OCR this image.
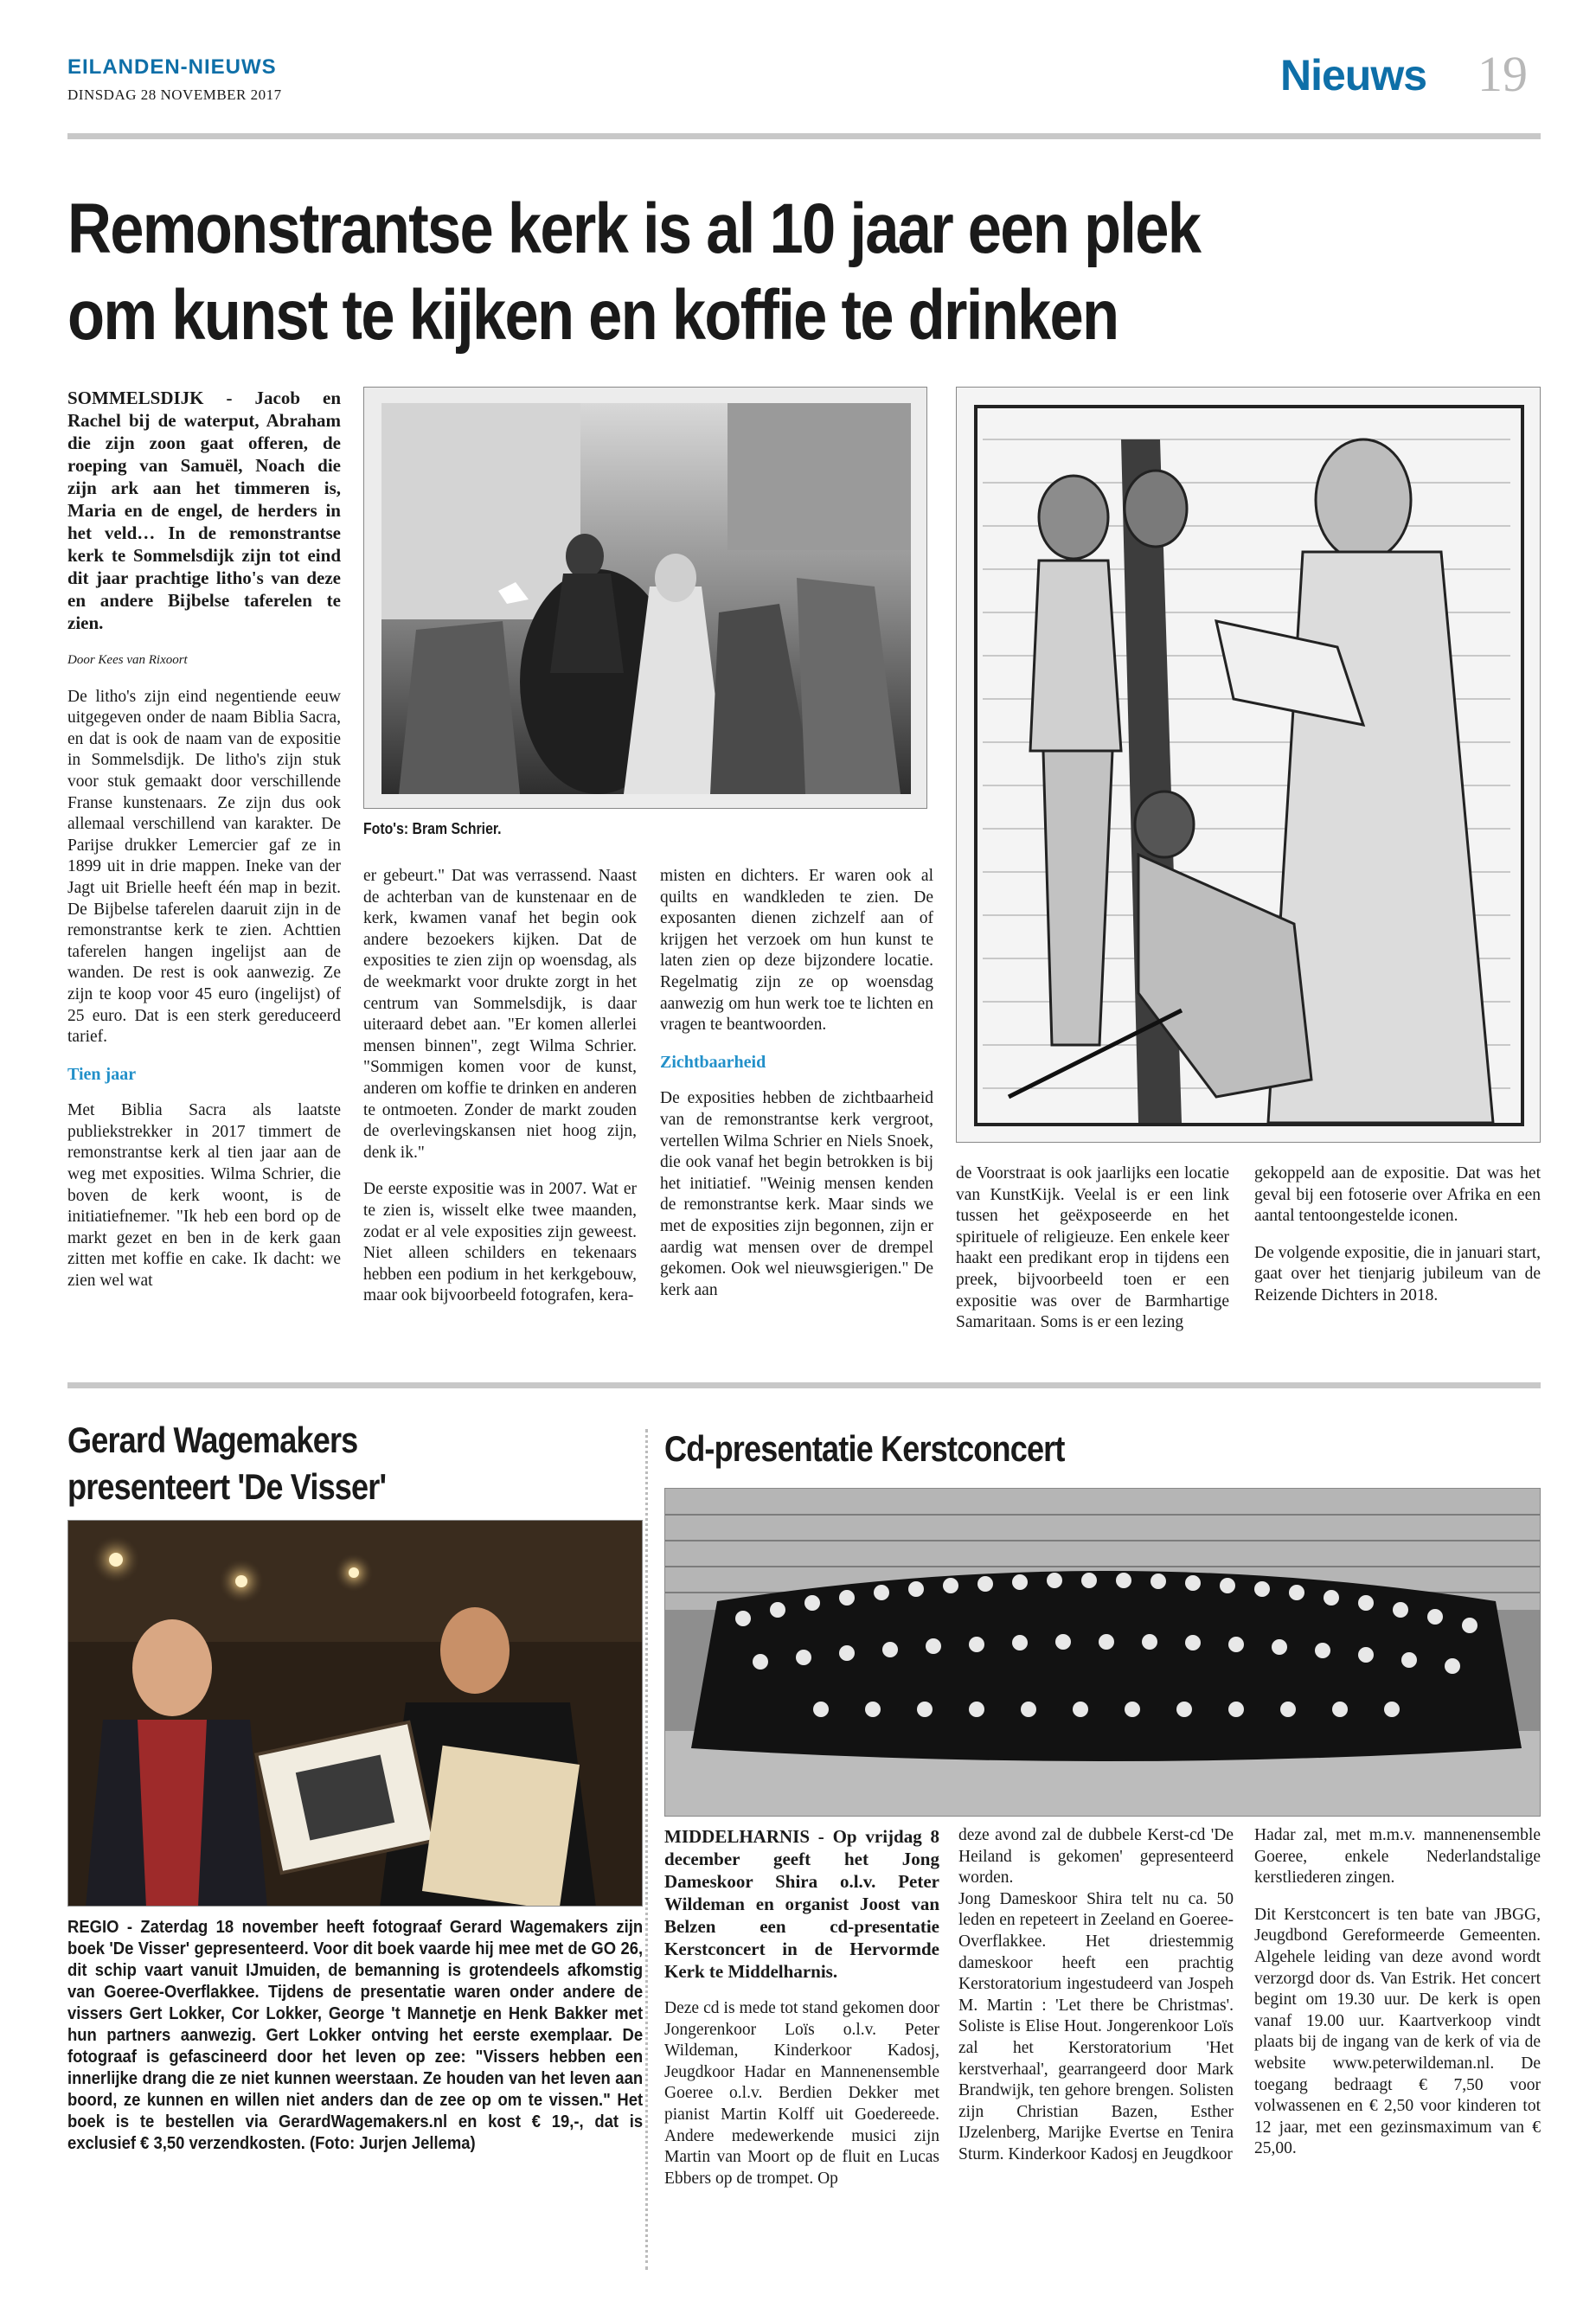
EILANDEN-NIEUWS
DINSDAG 28 NOVEMBER 2017	Nieuws 19
Remonstrantse kerk is al 10 jaar een plek
om kunst te kijken en koffie te drinken

SOMMELSDIJK - Jacob en Rachel bij de waterput, Abraham die zijn zoon gaat offeren, de roeping van Samuël, Noach die zijn ark aan het timmeren is, Maria en de engel, de herders in het veld… In de remonstrantse kerk te Sommelsdijk zijn tot eind dit jaar prachtige litho's van deze en andere Bijbelse taferelen te zien.

Door Kees van Rixoort

De litho's zijn eind negentiende eeuw uitgegeven onder de naam Biblia Sacra, en dat is ook de naam van de expositie in Sommelsdijk. De litho's zijn stuk voor stuk gemaakt door verschillende Franse kunstenaars. Ze zijn dus ook allemaal verschillend van karakter. De Parijse drukker Lemercier gaf ze in 1899 uit in drie mappen. Ineke van der Jagt uit Brielle heeft één map in bezit. De Bijbelse taferelen daaruit zijn in de remonstrantse kerk te zien. Achttien taferelen hangen ingelijst aan de wanden. De rest is ook aanwezig. Ze zijn te koop voor 45 euro (ingelijst) of 25 euro. Dat is een sterk gereduceerd tarief.

Tien jaar

Met Biblia Sacra als laatste publiekstrekker in 2017 timmert de remonstrantse kerk al tien jaar aan de weg met exposities. Wilma Schrier, die boven de kerk woont, is de initiatiefnemer. "Ik heb een bord op de markt gezet en ben in de kerk gaan zitten met koffie en cake. Ik dacht: we zien wel wat

Foto's: Bram Schrier.

er gebeurt." Dat was verrassend. Naast de achterban van de kunstenaar en de kerk, kwamen vanaf het begin ook andere bezoekers kijken. Dat de exposities te zien zijn op woensdag, als de weekmarkt voor drukte zorgt in het centrum van Sommelsdijk, is daar uiteraard debet aan. "Er komen allerlei mensen binnen", zegt Wilma Schrier. "Sommigen komen voor de kunst, anderen om koffie te drinken en anderen te ontmoeten. Zonder de markt zouden de overlevingskansen niet hoog zijn, denk ik."

De eerste expositie was in 2007. Wat er te zien is, wisselt elke twee maanden, zodat er al vele exposities zijn geweest. Niet alleen schilders en tekenaars hebben een podium in het kerkgebouw, maar ook bijvoorbeeld fotografen, kera-

misten en dichters. Er waren ook al quilts en wandkleden te zien. De exposanten dienen zichzelf aan of krijgen het verzoek om hun kunst te laten zien op deze bijzondere locatie. Regelmatig zijn ze op woensdag aanwezig om hun werk toe te lichten en vragen te beantwoorden.

Zichtbaarheid

De exposities hebben de zichtbaarheid van de remonstrantse kerk vergroot, vertellen Wilma Schrier en Niels Snoek, die ook vanaf het begin betrokken is bij het initiatief. "Weinig mensen kenden de remonstrantse kerk. Maar sinds we met de exposities zijn begonnen, zijn er aardig wat mensen over de drempel gekomen. Ook wel nieuwsgierigen." De kerk aan

de Voorstraat is ook jaarlijks een locatie van KunstKijk. Veelal is er een link tussen het geëxposeerde en het spirituele of religieuze. Een enkele keer haakt een predikant erop in tijdens een preek, bijvoorbeeld toen er een expositie was over de Barmhartige Samaritaan. Soms is er een lezing

gekoppeld aan de expositie. Dat was het geval bij een fotoserie over Afrika en een aantal tentoongestelde iconen.

De volgende expositie, die in januari start, gaat over het tienjarig jubileum van de Reizende Dichters in 2018.

Gerard Wagemakers
presenteert 'De Visser'
REGIO - Zaterdag 18 november heeft fotograaf Gerard Wagemakers zijn boek 'De Visser' gepresenteerd. Voor dit boek vaarde hij mee met de GO 26, dit schip vaart vanuit IJmuiden, de bemanning is grotendeels afkomstig van Goeree-Overflakkee. Tijdens de presentatie waren onder andere de vissers Gert Lokker, Cor Lokker, George 't Mannetje en Henk Bakker met hun partners aanwezig. Gert Lokker ontving het eerste exemplaar. De fotograaf is gefascineerd door het leven op zee: "Vissers hebben een innerlijke drang die ze niet kunnen weerstaan. Ze houden van het leven aan boord, ze kunnen en willen niet anders dan de zee op om te vissen." Het boek is te bestellen via GerardWagemakers.nl en kost € 19,-, dat is exclusief € 3,50 verzendkosten. (Foto: Jurjen Jellema)
Cd-presentatie Kerstconcert

MIDDELHARNIS - Op vrijdag 8 december geeft het Jong Dameskoor Shira o.l.v. Peter Wildeman en organist Joost van Belzen een cd-presentatie Kerstconcert in de Hervormde Kerk te Middelharnis.

Deze cd is mede tot stand gekomen door Jongerenkoor Loïs o.l.v. Peter Wildeman, Kinderkoor Kadosj, Jeugdkoor Hadar en Mannenensemble Goeree o.l.v. Berdien Dekker met pianist Martin Kolff uit Goedereede. Andere medewerkende musici zijn Martin van Moort op de fluit en Lucas Ebbers op de trompet. Op

deze avond zal de dubbele Kerst-cd 'De Heiland is gekomen' gepresenteerd worden.

Jong Dameskoor Shira telt nu ca. 50 leden en repeteert in Zeeland en Goeree-Overflakkee. Het driestemmig dameskoor heeft een prachtig Kerstoratorium ingestudeerd van Jospeh M. Martin : 'Let there be Christmas'. Soliste is Elise Hout. Jongerenkoor Loïs zal het Kerstoratorium 'Het kerstverhaal', gearrangeerd door Mark Brandwijk, ten gehore brengen. Solisten zijn Christian Bazen, Esther IJzelenberg, Marijke Evertse en Tenira Sturm. Kinderkoor Kadosj en Jeugdkoor

Hadar zal, met m.m.v. mannenensemble Goeree, enkele Nederlandstalige kerstliederen zingen.

Dit Kerstconcert is ten bate van JBGG, Jeugdbond Gereformeerde Gemeenten. Algehele leiding van deze avond wordt verzorgd door ds. Van Estrik. Het concert begint om 19.30 uur. De kerk is open vanaf 19.00 uur. Kaartverkoop vindt plaats bij de ingang van de kerk of via de website www.peterwildeman.nl. De toegang bedraagt € 7,50 voor volwassenen en € 2,50 voor kinderen tot 12 jaar, met een gezinsmaximum van € 25,00.
